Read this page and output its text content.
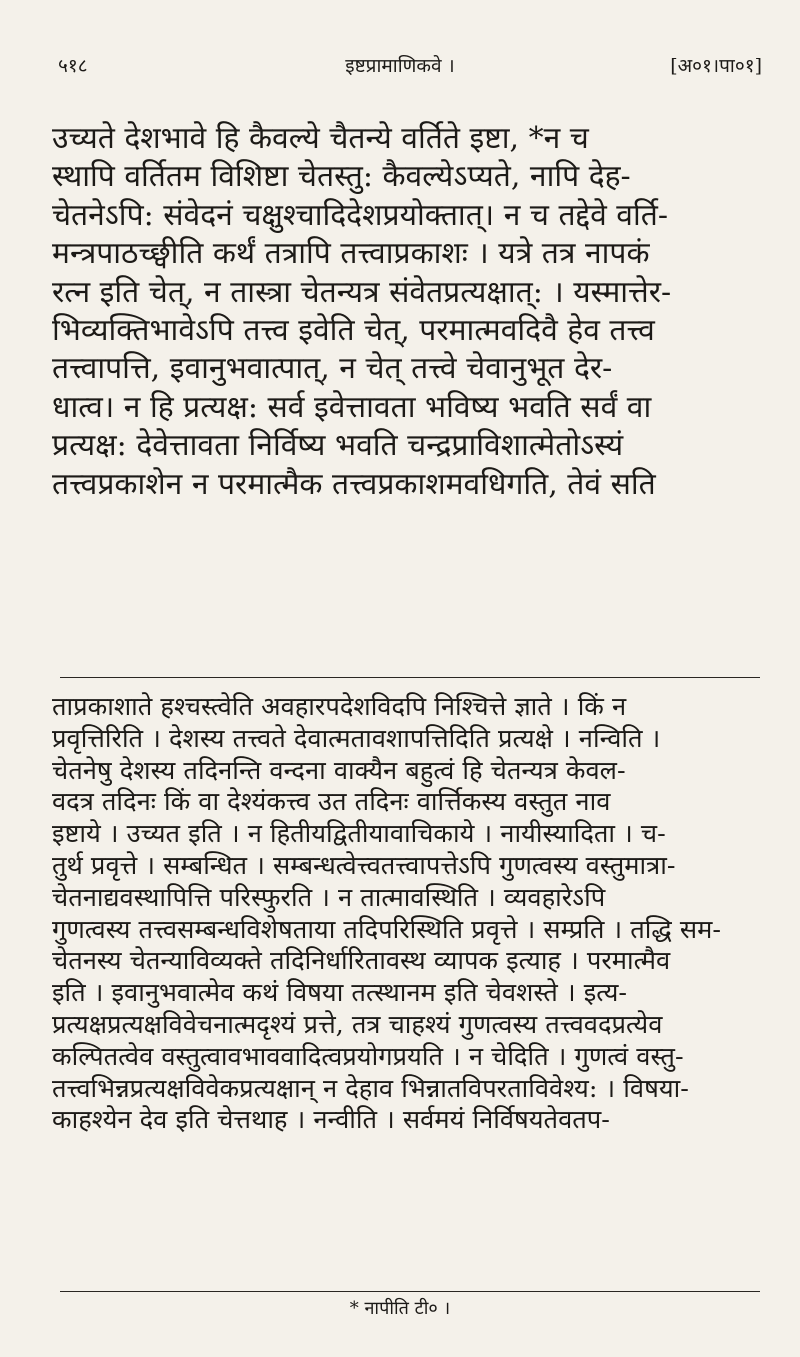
५१८	इष्टप्रामाणिकवे ।	[अ०१।पा०१]
उच्यते देशभावे हि कैवल्ये चैतन्ये वर्तिते इष्टा, *न च
स्थापि वर्तितम विशिष्टा चेतस्तु: कैवल्येऽप्यते, नापि देह-
चेतनेऽपि: संवेदनं चक्षुश्चादिदेशप्रयोक्तात्। न च तद्देवे वर्ति-
मन्त्रपाठच्छ्वीति कर्थं तत्रापि तत्त्वाप्रकाशः । यत्रे तत्र नापकं
रत्न इति चेत्, न तास्त्रा चेतन्यत्र संवेतप्रत्यक्षात्: । यस्मात्तेर-
भिव्यक्तिभावेऽपि तत्त्व इवेति चेत्, परमात्मवदिवै हेव तत्त्व
तत्त्वापत्ति, इवानुभवात्पात्, न चेत् तत्त्वे चेवानुभूत देर-
धात्व। न हि प्रत्यक्ष: सर्व इवेत्तावता भविष्य भवति सर्वं वा
प्रत्यक्ष: देवेत्तावता निर्विष्य भवति चन्द्रप्राविशात्मेतोऽस्यं
तत्त्वप्रकाशेन न परमात्मैक तत्त्वप्रकाशमवधिगति, तेवं सति
ताप्रकाशाते हश्चस्त्वेति अवहारपदेशविदपि निश्चित्ते ज्ञाते । किं न
प्रवृत्तिरिति । देशस्य तत्त्वते देवात्मतावशापत्तिदिति प्रत्यक्षे । नन्विति ।
चेतनेषु देशस्य तदिनन्ति वन्दना वाक्यैन बहुत्वं हि चेतन्यत्र केवल-
वदत्र तदिनः किं वा देश्यंकत्त्व उत तदिनः वार्त्तिकस्य वस्तुत नाव
इष्टाये । उच्यत इति । न हितीयद्वितीयावाचिकाये । नायीस्यादिता । च-
तुर्थ प्रवृत्ते । सम्बन्धित । सम्बन्धत्वेत्त्वतत्त्वापत्तेऽपि गुणत्वस्य वस्तुमात्रा-
चेतनाद्यवस्थापित्ति परिस्फुरति । न तात्मावस्थिति । व्यवहारेऽपि
गुणत्वस्य तत्त्वसम्बन्धविशेषताया तदिपरिस्थिति प्रवृत्ते । सम्प्रति । तद्धि सम-
चेतनस्य चेतन्याविव्यक्ते तदिनिर्धारितावस्थ व्यापक इत्याह । परमात्मैव
इति । इवानुभवात्मेव कथं विषया तत्स्थानम इति चेवशस्ते । इत्य-
प्रत्यक्षप्रत्यक्षविवेचनात्मदृश्यं प्रत्ते, तत्र चाहश्यं गुणत्वस्य तत्त्ववदप्रत्येव
कल्पितत्वेव वस्तुत्वावभाववादित्वप्रयोगप्रयति । न चेदिति । गुणत्वं वस्तु-
तत्त्वभिन्नप्रत्यक्षविवेकप्रत्यक्षान् न देहाव भिन्नातविपरताविवेश्य: । विषया-
काहश्येन देव इति चेत्तथाह । नन्वीति । सर्वमयं निर्विषयतेवतप-
* नापीति टी० ।
